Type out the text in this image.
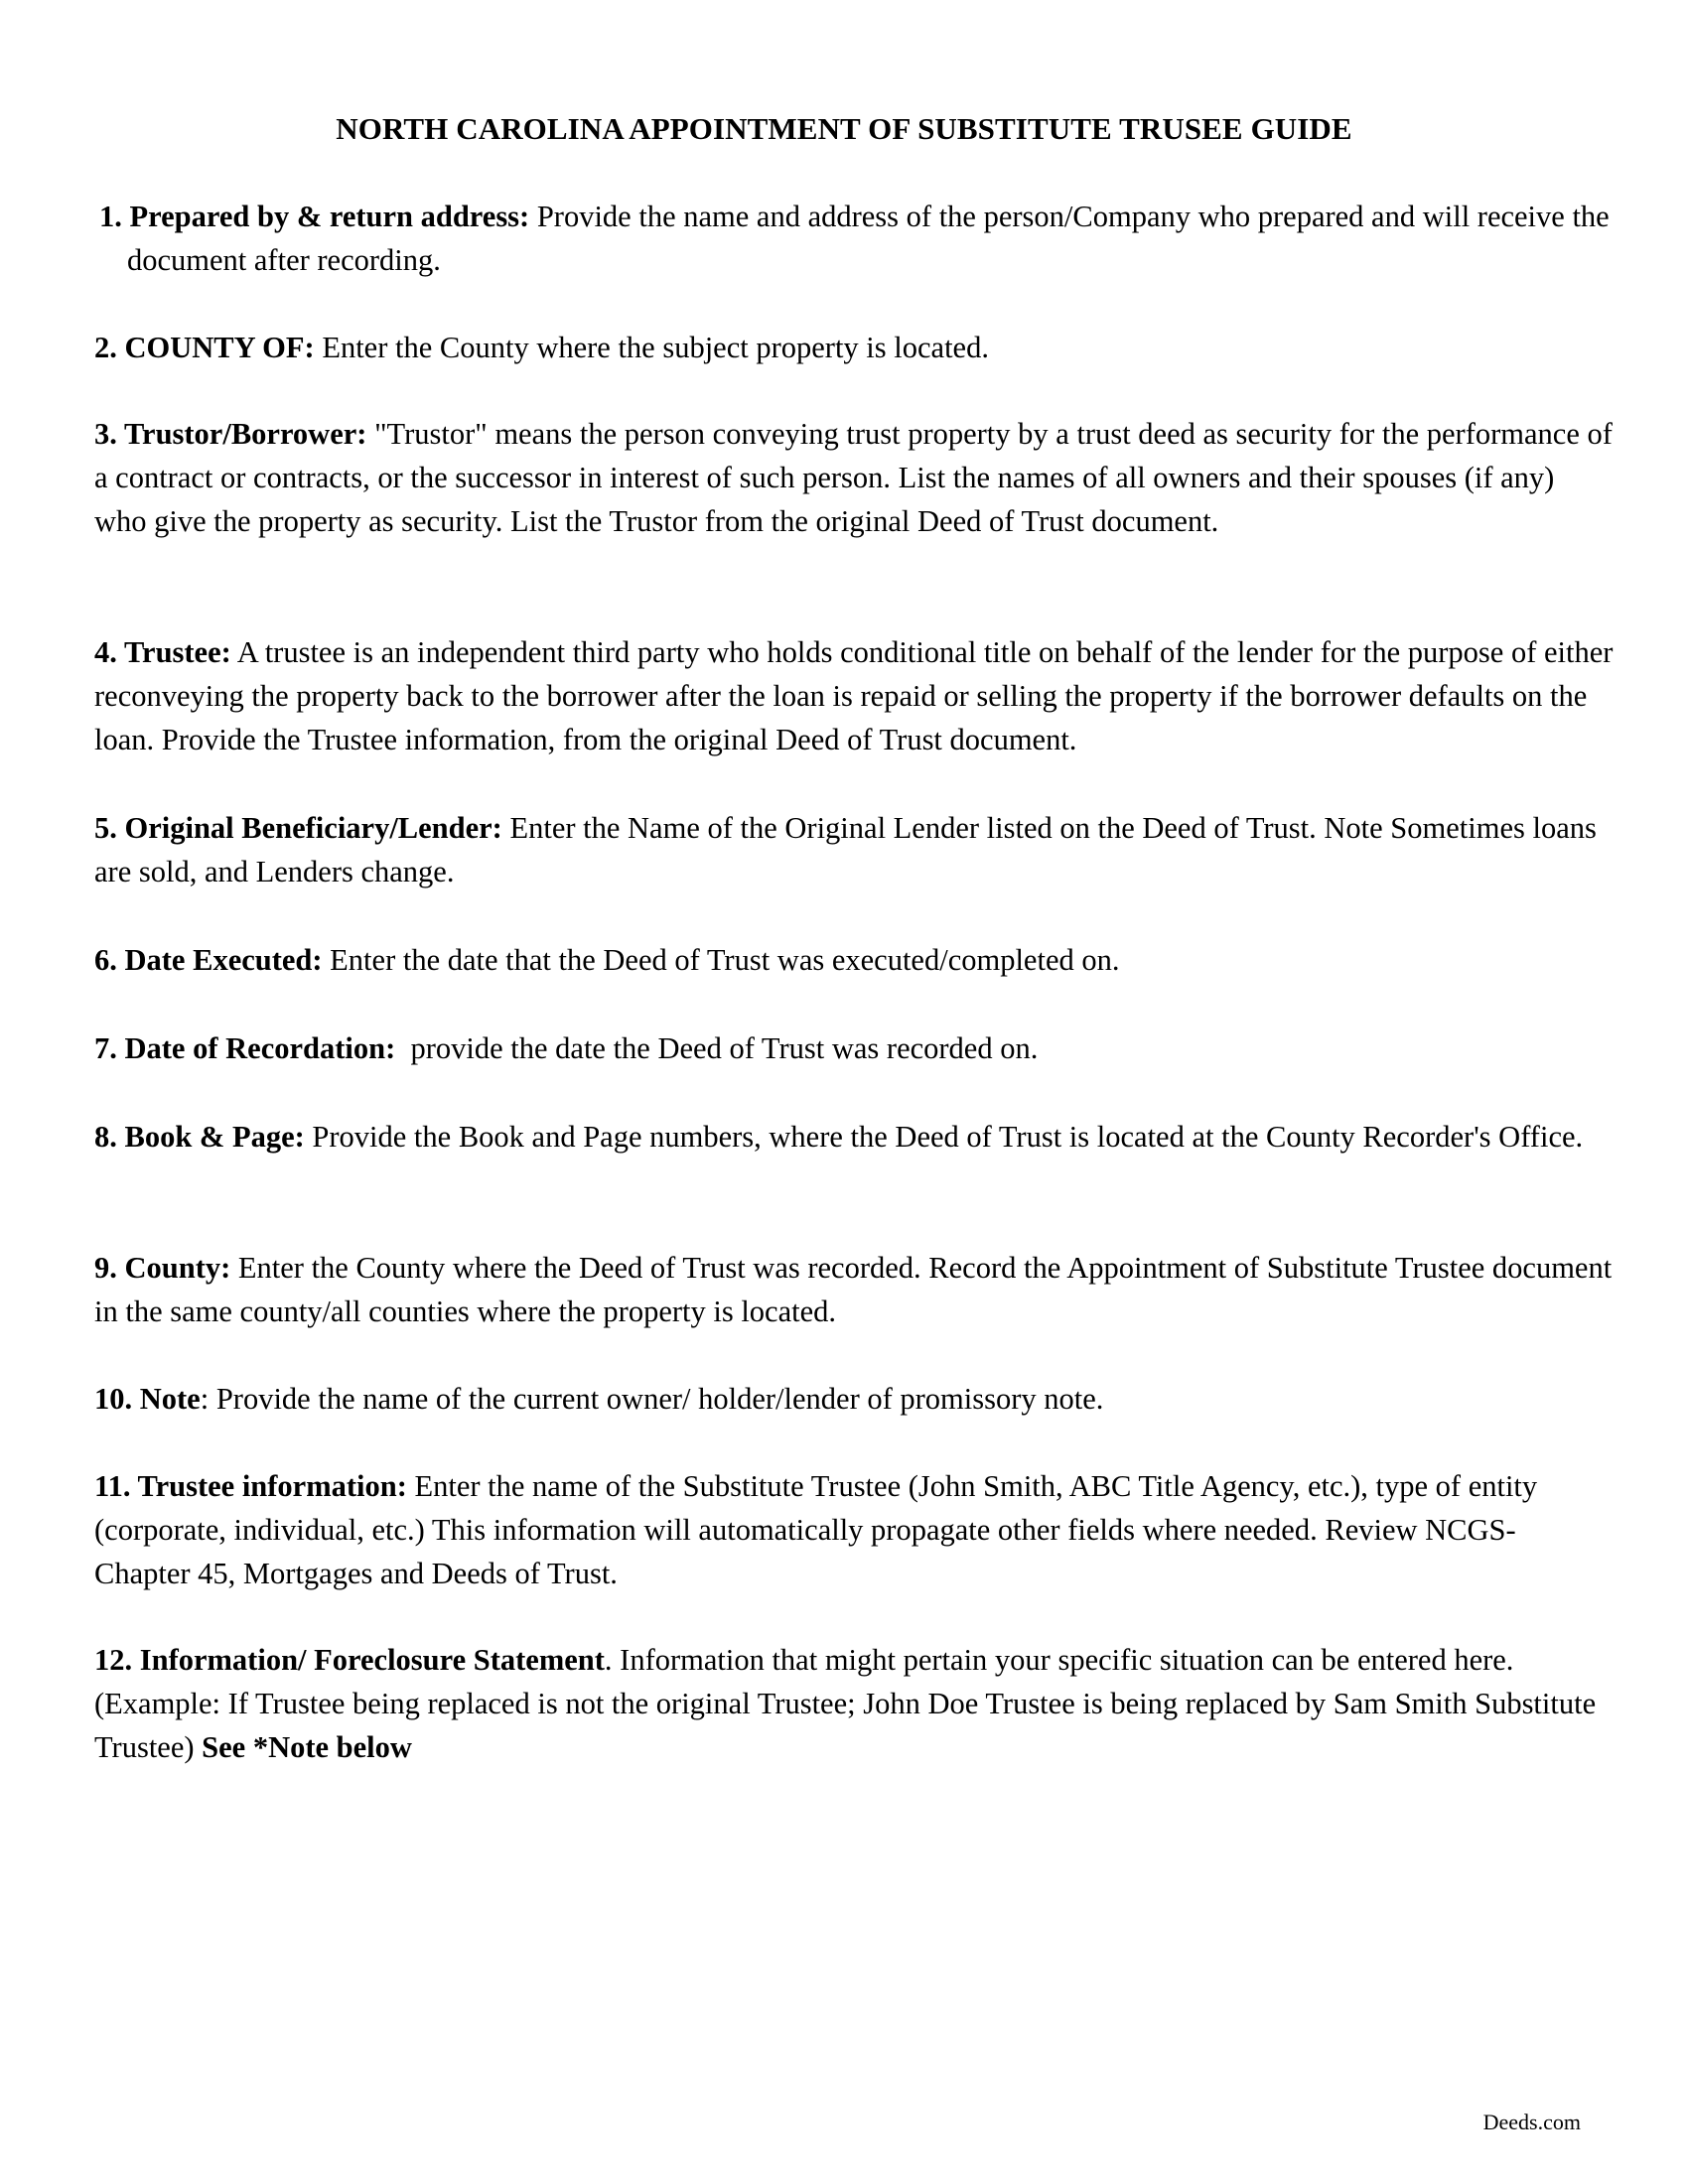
NORTH CAROLINA APPOINTMENT OF SUBSTITUTE TRUSEE GUIDE

1. Prepared by & return address: Provide the name and address of the person/Company who prepared and will receive the document after recording.

2. COUNTY OF: Enter the County where the subject property is located.

3. Trustor/Borrower: "Trustor" means the person conveying trust property by a trust deed as security for the performance of a contract or contracts, or the successor in interest of such person. List the names of all owners and their spouses (if any) who give the property as security. List the Trustor from the original Deed of Trust document.

4. Trustee: A trustee is an independent third party who holds conditional title on behalf of the lender for the purpose of either reconveying the property back to the borrower after the loan is repaid or selling the property if the borrower defaults on the loan. Provide the Trustee information, from the original Deed of Trust document.

5. Original Beneficiary/Lender: Enter the Name of the Original Lender listed on the Deed of Trust. Note Sometimes loans are sold, and Lenders change.

6. Date Executed: Enter the date that the Deed of Trust was executed/completed on.

7. Date of Recordation:  provide the date the Deed of Trust was recorded on.

8. Book & Page: Provide the Book and Page numbers, where the Deed of Trust is located at the County Recorder's Office.

9. County: Enter the County where the Deed of Trust was recorded. Record the Appointment of Substitute Trustee document in the same county/all counties where the property is located.

10. Note: Provide the name of the current owner/ holder/lender of promissory note.

11. Trustee information: Enter the name of the Substitute Trustee (John Smith, ABC Title Agency, etc.), type of entity (corporate, individual, etc.) This information will automatically propagate other fields where needed. Review NCGS- Chapter 45, Mortgages and Deeds of Trust.

12. Information/ Foreclosure Statement. Information that might pertain your specific situation can be entered here. (Example: If Trustee being replaced is not the original Trustee; John Doe Trustee is being replaced by Sam Smith Substitute Trustee) See *Note below

Deeds.com
